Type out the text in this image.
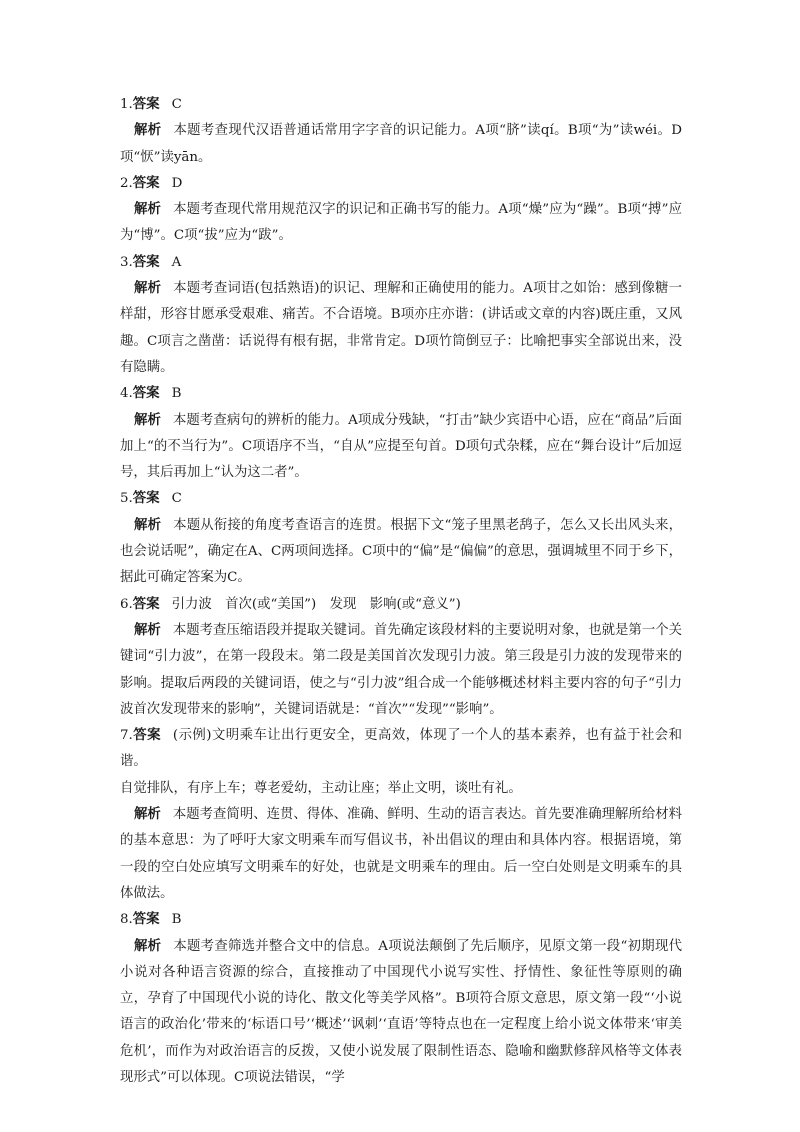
1.答案 C

解析 本题考查现代汉语普通话常用字字音的识记能力。A项“脐”读qí。B项“为”读wéi。D项“恹”读yān。

2.答案 D

解析 本题考查现代常用规范汉字的识记和正确书写的能力。A项“燥”应为“躁”。B项“搏”应为“博”。C项“拔”应为“跋”。

3.答案 A

解析 本题考查词语(包括熟语)的识记、理解和正确使用的能力。A项甘之如饴：感到像糖一样甜，形容甘愿承受艰难、痛苦。不合语境。B项亦庄亦谐：(讲话或文章的内容)既庄重，又风趣。C项言之凿凿：话说得有根有据，非常肯定。D项竹筒倒豆子：比喻把事实全部说出来，没有隐瞒。

4.答案 B

解析 本题考查病句的辨析的能力。A项成分残缺，“打击”缺少宾语中心语，应在“商品”后面加上“的不当行为”。C项语序不当，“自从”应提至句首。D项句式杂糅，应在“舞台设计”后加逗号，其后再加上“认为这二者”。

5.答案 C

解析 本题从衔接的角度考查语言的连贯。根据下文“笼子里黑老鸹子，怎么又长出风头来，也会说话呢”，确定在A、C两项间选择。C项中的“偏”是“偏偏”的意思，强调城里不同于乡下，据此可确定答案为C。

6.答案 引力波　首次(或“美国”)　发现　影响(或“意义”)

解析 本题考查压缩语段并提取关键词。首先确定该段材料的主要说明对象，也就是第一个关键词“引力波”，在第一段段末。第二段是美国首次发现引力波。第三段是引力波的发现带来的影响。提取后两段的关键词语，使之与“引力波”组合成一个能够概述材料主要内容的句子“引力波首次发现带来的影响”，关键词语就是：“首次”“发现”“影响”。

7.答案 (示例)文明乘车让出行更安全，更高效，体现了一个人的基本素养，也有益于社会和谐。

自觉排队，有序上车；尊老爱幼，主动让座；举止文明，谈吐有礼。

解析 本题考查简明、连贯、得体、准确、鲜明、生动的语言表达。首先要准确理解所给材料的基本意思：为了呼吁大家文明乘车而写倡议书，补出倡议的理由和具体内容。根据语境，第一段的空白处应填写文明乘车的好处，也就是文明乘车的理由。后一空白处则是文明乘车的具体做法。

8.答案 B

解析 本题考查筛选并整合文中的信息。A项说法颠倒了先后顺序，见原文第一段“初期现代小说对各种语言资源的综合，直接推动了中国现代小说写实性、抒情性、象征性等原则的确立，孕育了中国现代小说的诗化、散文化等美学风格”。B项符合原文意思，原文第一段“‘小说语言的政治化’带来的‘标语口号’‘概述’‘讽刺’‘直语’等特点也在一定程度上给小说文体带来‘审美危机’，而作为对政治语言的反拨，又使小说发展了限制性语态、隐喻和幽默修辞风格等文体表现形式”可以体现。C项说法错误，“学
